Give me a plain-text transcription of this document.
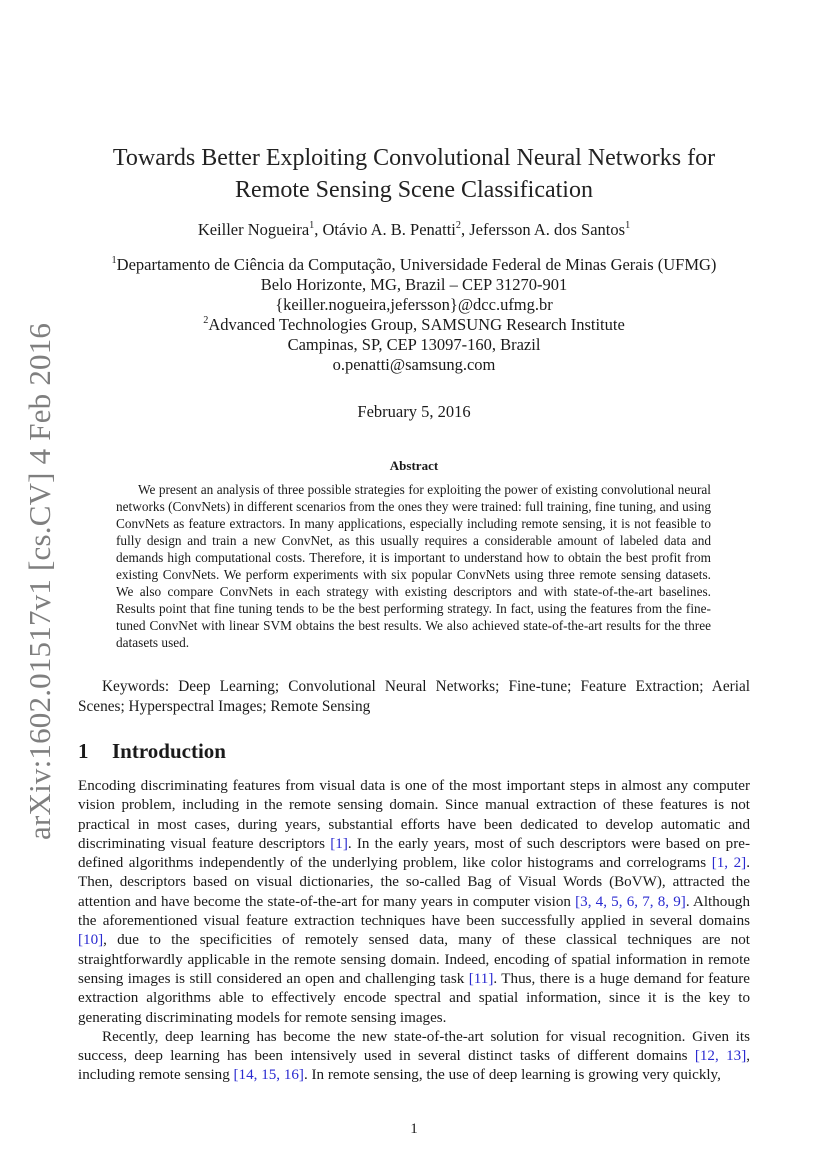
arXiv:1602.01517v1 [cs.CV] 4 Feb 2016
Towards Better Exploiting Convolutional Neural Networks for
Remote Sensing Scene Classification
Keiller Nogueira$^1$, Otávio A. B. Penatti$^2$, Jefersson A. dos Santos$^1$
$^1$Departamento de Ciência da Computação, Universidade Federal de Minas Gerais (UFMG)
Belo Horizonte, MG, Brazil – CEP 31270-901
{keiller.nogueira,jefersson}@dcc.ufmg.br
$^2$Advanced Technologies Group, SAMSUNG Research Institute
Campinas, SP, CEP 13097-160, Brazil
o.penatti@samsung.com
February 5, 2016
Abstract
We present an analysis of three possible strategies for exploiting the power of existing convolutional neural networks (ConvNets) in different scenarios from the ones they were trained: full training, fine tuning, and using ConvNets as feature extractors. In many applications, especially including remote sensing, it is not feasible to fully design and train a new ConvNet, as this usually requires a considerable amount of labeled data and demands high computational costs. Therefore, it is important to understand how to obtain the best profit from existing ConvNets. We perform experiments with six popular ConvNets using three remote sensing datasets. We also compare ConvNets in each strategy with existing descriptors and with state-of-the-art baselines. Results point that fine tuning tends to be the best performing strategy. In fact, using the features from the fine-tuned ConvNet with linear SVM obtains the best results. We also achieved state-of-the-art results for the three datasets used.
Keywords: Deep Learning; Convolutional Neural Networks; Fine-tune; Feature Extraction; Aerial Scenes; Hyperspectral Images; Remote Sensing
1 Introduction

Encoding discriminating features from visual data is one of the most important steps in almost any computer vision problem, including in the remote sensing domain. Since manual extraction of these features is not practical in most cases, during years, substantial efforts have been dedicated to develop automatic and discriminating visual feature descriptors [1]. In the early years, most of such descriptors were based on pre-defined algorithms independently of the underlying problem, like color histograms and correlograms [1, 2]. Then, descriptors based on visual dictionaries, the so-called Bag of Visual Words (BoVW), attracted the attention and have become the state-of-the-art for many years in computer vision [3, 4, 5, 6, 7, 8, 9]. Although the aforementioned visual feature extraction techniques have been successfully applied in several domains [10], due to the specificities of remotely sensed data, many of these classical techniques are not straightforwardly applicable in the remote sensing domain. Indeed, encoding of spatial information in remote sensing images is still considered an open and challenging task [11]. Thus, there is a huge demand for feature extraction algorithms able to effectively encode spectral and spatial information, since it is the key to generating discriminating models for remote sensing images.

Recently, deep learning has become the new state-of-the-art solution for visual recognition. Given its success, deep learning has been intensively used in several distinct tasks of different domains [12, 13], including remote sensing [14, 15, 16]. In remote sensing, the use of deep learning is growing very quickly,

1
